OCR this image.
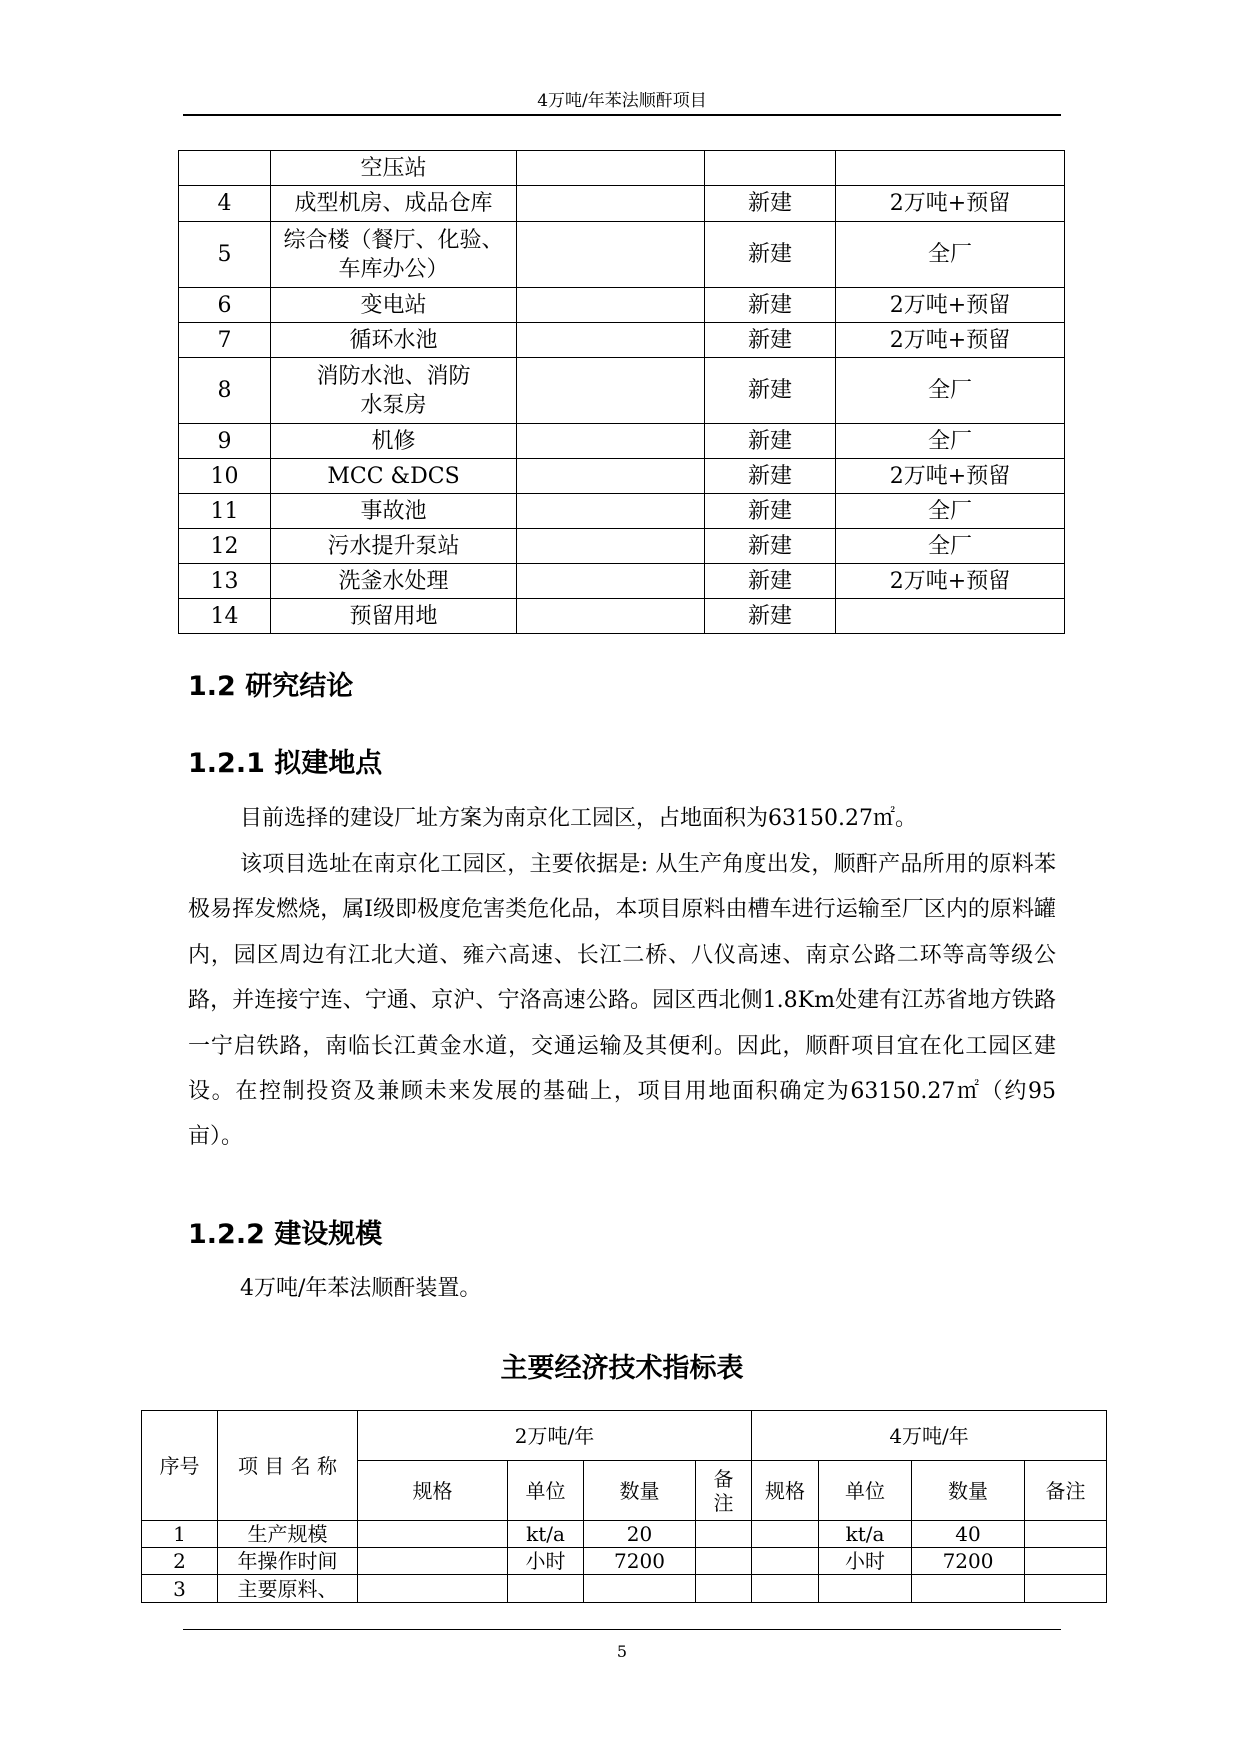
4万吨/年苯法顺酐项目
	空压站			
4	成型机房、成品仓库		新建	2万吨+预留
5	综合楼（餐厅、化验、车库办公）		新建	全厂
6	变电站		新建	2万吨+预留
7	循环水池		新建	2万吨+预留
8	消防水池、消防水泵房		新建	全厂
9	机修		新建	全厂
10	MCC &DCS		新建	2万吨+预留
11	事故池		新建	全厂
12	污水提升泵站		新建	全厂
13	洗釜水处理		新建	2万吨+预留
14	预留用地		新建	
1.2 研究结论
1.2.1 拟建地点

目前选择的建设厂址方案为南京化工园区，占地面积为63150.27㎡。

该项目选址在南京化工园区，主要依据是: 从生产角度出发，顺酐产品所用的原料苯极易挥发燃烧，属Ⅰ级即极度危害类危化品，本项目原料由槽车进行运输至厂区内的原料罐内，园区周边有江北大道、雍六高速、长江二桥、八仪高速、南京公路二环等高等级公路，并连接宁连、宁通、京沪、宁洛高速公路。园区西北侧1.8Km处建有江苏省地方铁路一宁启铁路，南临长江黄金水道，交通运输及其便利。因此，顺酐项目宜在化工园区建设。在控制投资及兼顾未来发展的基础上，项目用地面积确定为63150.27㎡（约95亩）。

1.2.2 建设规模

4万吨/年苯法顺酐装置。

主要经济技术指标表
序号	项 目 名 称	2万吨/年				4万吨/年			
		规格	单位	数量	备注	规格	单位	数量	备注
1	生产规模		kt/a	20			kt/a	40	
2	年操作时间		小时	7200			小时	7200	
3	主要原料、								
5
